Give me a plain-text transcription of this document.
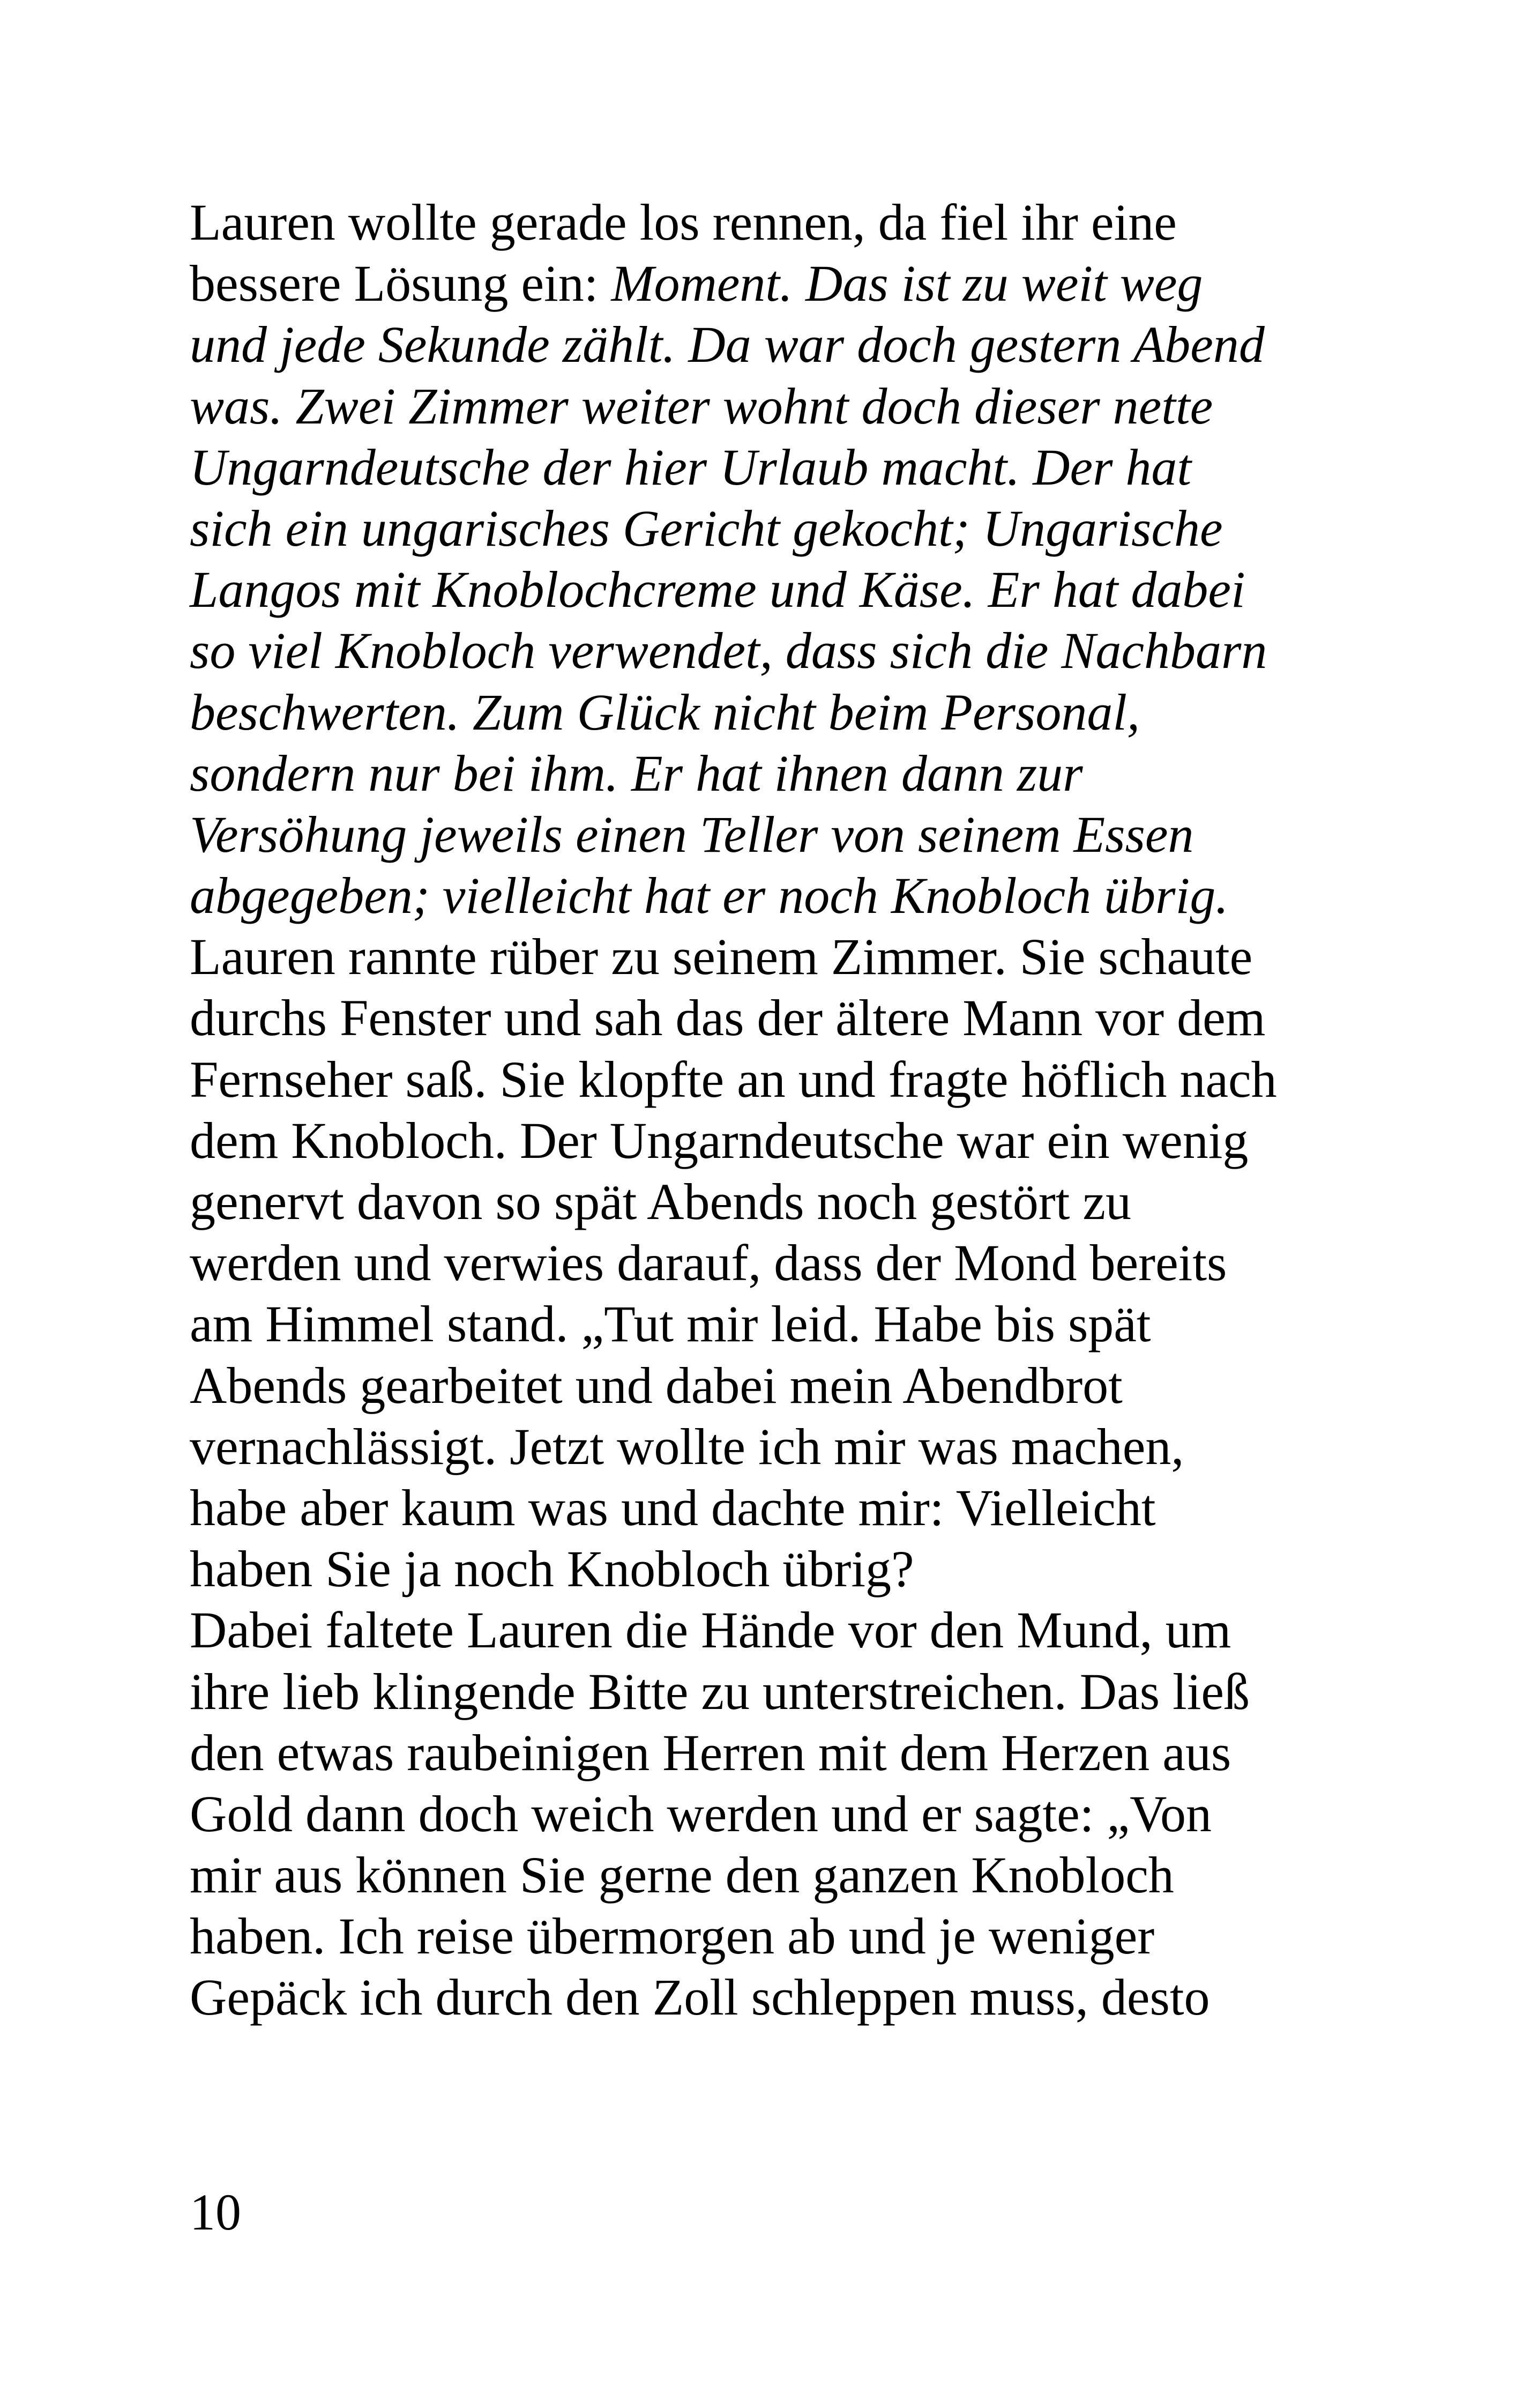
Lauren wollte gerade los rennen, da fiel ihr eine
bessere Lösung ein: Moment. Das ist zu weit weg
und jede Sekunde zählt. Da war doch gestern Abend
was. Zwei Zimmer weiter wohnt doch dieser nette
Ungarndeutsche der hier Urlaub macht. Der hat
sich ein ungarisches Gericht gekocht; Ungarische
Langos mit Knoblochcreme und Käse. Er hat dabei
so viel Knobloch verwendet, dass sich die Nachbarn
beschwerten. Zum Glück nicht beim Personal,
sondern nur bei ihm. Er hat ihnen dann zur
Versöhung jeweils einen Teller von seinem Essen
abgegeben; vielleicht hat er noch Knobloch übrig.
Lauren rannte rüber zu seinem Zimmer. Sie schaute
durchs Fenster und sah das der ältere Mann vor dem
Fernseher saß. Sie klopfte an und fragte höflich nach
dem Knobloch. Der Ungarndeutsche war ein wenig
genervt davon so spät Abends noch gestört zu
werden und verwies darauf, dass der Mond bereits
am Himmel stand. „Tut mir leid. Habe bis spät
Abends gearbeitet und dabei mein Abendbrot
vernachlässigt. Jetzt wollte ich mir was machen,
habe aber kaum was und dachte mir: Vielleicht
haben Sie ja noch Knobloch übrig?
Dabei faltete Lauren die Hände vor den Mund, um
ihre lieb klingende Bitte zu unterstreichen. Das ließ
den etwas raubeinigen Herren mit dem Herzen aus
Gold dann doch weich werden und er sagte: „Von
mir aus können Sie gerne den ganzen Knobloch
haben. Ich reise übermorgen ab und je weniger
Gepäck ich durch den Zoll schleppen muss, desto
10
